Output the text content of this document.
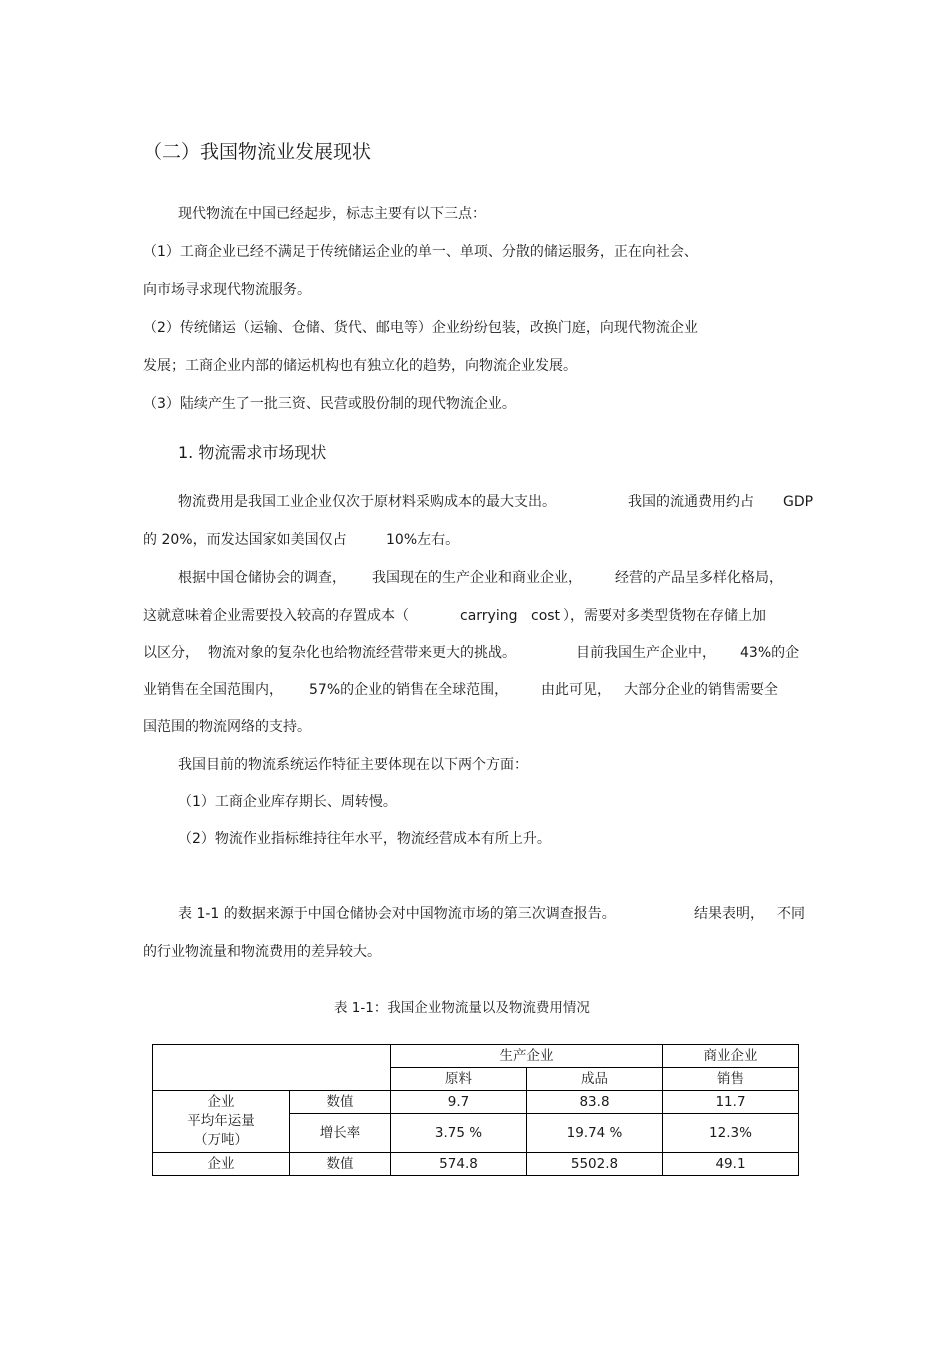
（二）我国物流业发展现状
现代物流在中国已经起步，标志主要有以下三点：
（1）工商企业已经不满足于传统储运企业的单一、单项、分散的储运服务，正在向社会、
向市场寻求现代物流服务。
（2）传统储运（运输、仓储、货代、邮电等）企业纷纷包装，改换门庭，向现代物流企业
发展；工商企业内部的储运机构也有独立化的趋势，向物流企业发展。
（3）陆续产生了一批三资、民营或股份制的现代物流企业。
1. 物流需求市场现状
物流费用是我国工业企业仅次于原材料采购成本的最大支出。	我国的流通费用约占 GDP
的 20%，而发达国家如美国仅占	10%左右。
根据中国仓储协会的调查， 我国现在的生产企业和商业企业， 经营的产品呈多样化格局，
这就意味着企业需要投入较高的存置成本（	carrying cost ），需要对多类型货物在存储上加
以区分， 物流对象的复杂化也给物流经营带来更大的挑战。	目前我国生产企业中， 43%的企
业销售在全国范围内， 57%的企业的销售在全球范围， 由此可见， 大部分企业的销售需要全
国范围的物流网络的支持。
我国目前的物流系统运作特征主要体现在以下两个方面：
（1）工商企业库存期长、周转慢。
（2）物流作业指标维持往年水平，物流经营成本有所上升。
表 1-1 的数据来源于中国仓储协会对中国物流市场的第三次调查报告。	结果表明， 不同
的行业物流量和物流费用的差异较大。
表 1-1：我国企业物流量以及物流费用情况
		生产企业		商业企业
		原料	成品	销售

企业
平均年运量
（万吨）	数值	9.7	83.8	11.7
	增长率	3.75 %	19.74 %	12.3%
企业	数值	574.8	5502.8	49.1
